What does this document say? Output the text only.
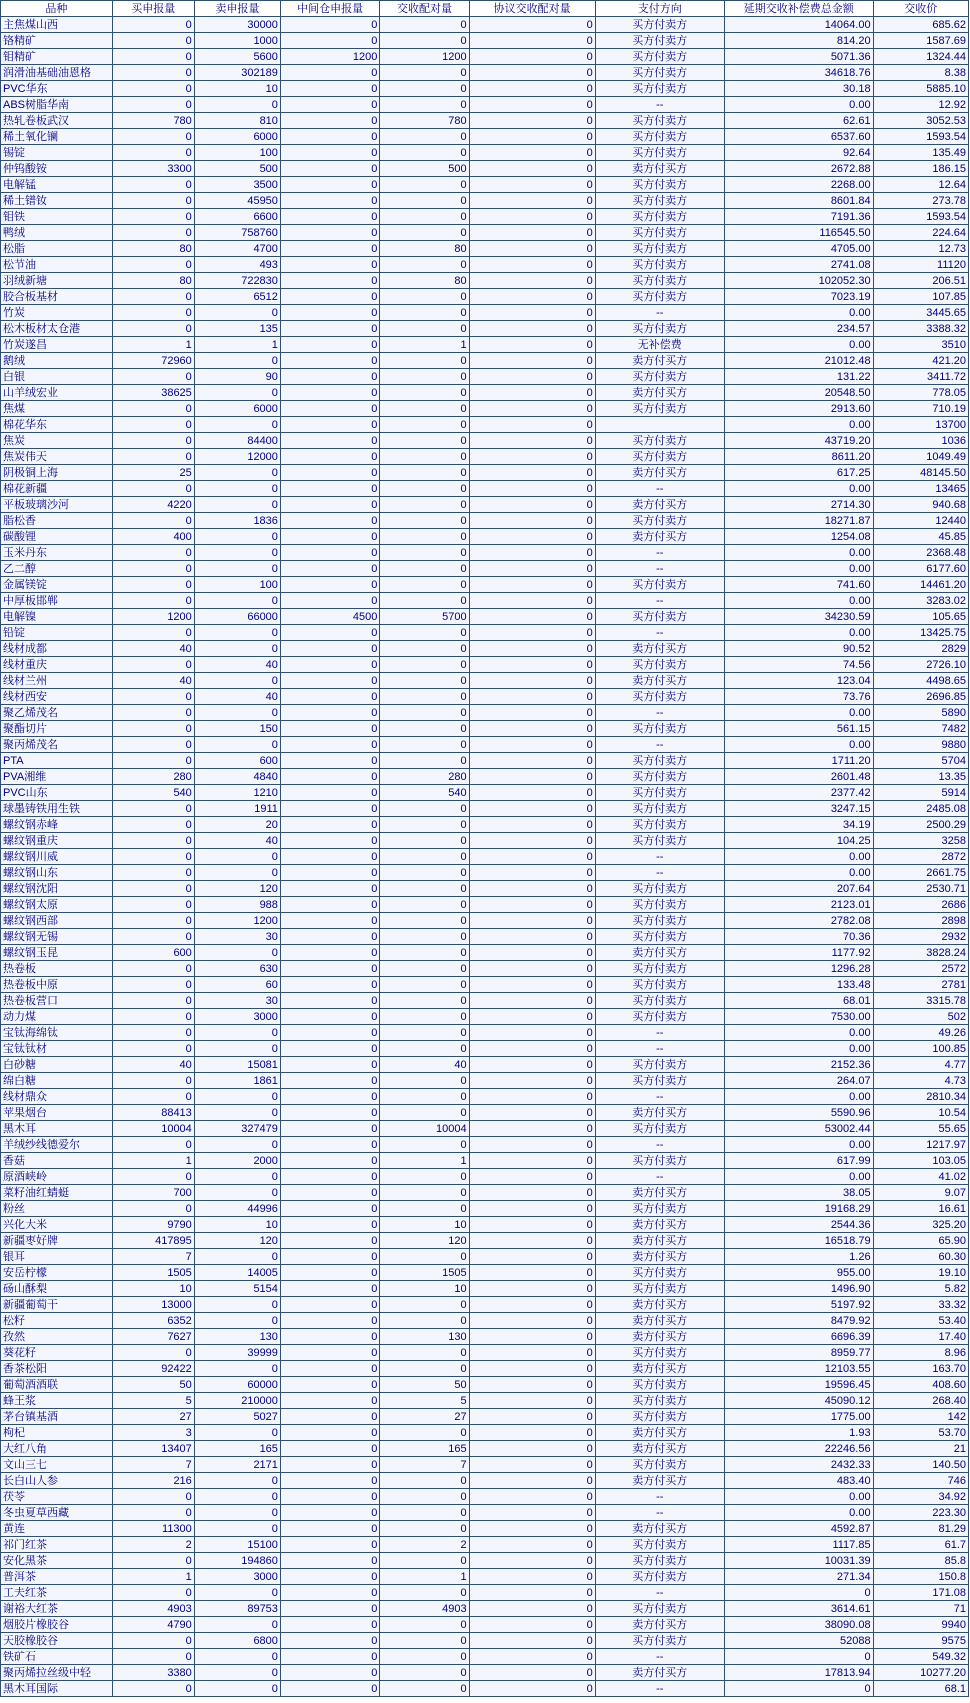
品种	买申报量	卖申报量	中间仓申报量	交收配对量	协议交收配对量	支付方向	延期交收补偿费总金额	交收价
主焦煤山西	0	30000	0	0	0	买方付卖方	14064.00	685.62
铬精矿	0	1000	0	0	0	买方付卖方	814.20	1587.69
钼精矿	0	5600	1200	1200	0	买方付卖方	5071.36	1324.44
润滑油基础油恩格	0	302189	0	0	0	买方付卖方	34618.76	8.38
PVC华东	0	10	0	0	0	买方付卖方	30.18	5885.10
ABS树脂华南	0	0	0	0	0	--	0.00	12.92
热轧卷板武汉	780	810	0	780	0	买方付卖方	62.61	3052.53
稀土氧化镧	0	6000	0	0	0	买方付卖方	6537.60	1593.54
锡锭	0	100	0	0	0	买方付卖方	92.64	135.49
仲钨酸铵	3300	500	0	500	0	卖方付买方	2672.88	186.15
电解锰	0	3500	0	0	0	买方付卖方	2268.00	12.64
稀土镨钕	0	45950	0	0	0	买方付卖方	8601.84	273.78
钼铁	0	6600	0	0	0	买方付卖方	7191.36	1593.54
鸭绒	0	758760	0	0	0	买方付卖方	116545.50	224.64
松脂	80	4700	0	80	0	买方付卖方	4705.00	12.73
松节油	0	493	0	0	0	买方付卖方	2741.08	11120
羽绒新塘	80	722830	0	80	0	买方付卖方	102052.30	206.51
胶合板基材	0	6512	0	0	0	买方付卖方	7023.19	107.85
竹炭	0	0	0	0	0	--	0.00	3445.65
松木板材太仓港	0	135	0	0	0	买方付卖方	234.57	3388.32
竹炭遂昌	1	1	0	1	0	无补偿费	0.00	3510
鹅绒	72960	0	0	0	0	卖方付买方	21012.48	421.20
白银	0	90	0	0	0	买方付卖方	131.22	3411.72
山羊绒宏业	38625	0	0	0	0	卖方付买方	20548.50	778.05
焦煤	0	6000	0	0	0	买方付卖方	2913.60	710.19
棉花华东	0	0	0	0	0		0.00	13700
焦炭	0	84400	0	0	0	买方付卖方	43719.20	1036
焦炭伟天	0	12000	0	0	0	买方付卖方	8611.20	1049.49
阴极铜上海	25	0	0	0	0	卖方付买方	617.25	48145.50
棉花新疆	0	0	0	0	0	--	0.00	13465
平板玻璃沙河	4220	0	0	0	0	卖方付买方	2714.30	940.68
脂松香	0	1836	0	0	0	买方付卖方	18271.87	12440
碳酸锂	400	0	0	0	0	卖方付买方	1254.08	45.85
玉米丹东	0	0	0	0	0	--	0.00	2368.48
乙二醇	0	0	0	0	0	--	0.00	6177.60
金属镁锭	0	100	0	0	0	买方付卖方	741.60	14461.20
中厚板邯郸	0	0	0	0	0	--	0.00	3283.02
电解镍	1200	66000	4500	5700	0	买方付卖方	34230.59	105.65
铅锭	0	0	0	0	0	--	0.00	13425.75
线材成都	40	0	0	0	0	卖方付买方	90.52	2829
线材重庆	0	40	0	0	0	买方付卖方	74.56	2726.10
线材兰州	40	0	0	0	0	卖方付买方	123.04	4498.65
线材西安	0	40	0	0	0	买方付卖方	73.76	2696.85
聚乙烯茂名	0	0	0	0	0	--	0.00	5890
聚酯切片	0	150	0	0	0	买方付卖方	561.15	7482
聚丙烯茂名	0	0	0	0	0	--	0.00	9880
PTA	0	600	0	0	0	买方付卖方	1711.20	5704
PVA湘维	280	4840	0	280	0	买方付卖方	2601.48	13.35
PVC山东	540	1210	0	540	0	买方付卖方	2377.42	5914
球墨铸铁用生铁	0	1911	0	0	0	买方付卖方	3247.15	2485.08
螺纹钢赤峰	0	20	0	0	0	买方付卖方	34.19	2500.29
螺纹钢重庆	0	40	0	0	0	买方付卖方	104.25	3258
螺纹钢川威	0	0	0	0	0	--	0.00	2872
螺纹钢山东	0	0	0	0	0	--	0.00	2661.75
螺纹钢沈阳	0	120	0	0	0	买方付卖方	207.64	2530.71
螺纹钢太原	0	988	0	0	0	买方付卖方	2123.01	2686
螺纹钢西部	0	1200	0	0	0	买方付卖方	2782.08	2898
螺纹钢无锡	0	30	0	0	0	买方付卖方	70.36	2932
螺纹钢玉昆	600	0	0	0	0	卖方付买方	1177.92	3828.24
热卷板	0	630	0	0	0	买方付卖方	1296.28	2572
热卷板中原	0	60	0	0	0	买方付卖方	133.48	2781
热卷板营口	0	30	0	0	0	买方付卖方	68.01	3315.78
动力煤	0	3000	0	0	0	买方付卖方	7530.00	502
宝钛海绵钛	0	0	0	0	0	--	0.00	49.26
宝钛钛材	0	0	0	0	0	--	0.00	100.85
白砂糖	40	15081	0	40	0	买方付卖方	2152.36	4.77
绵白糖	0	1861	0	0	0	买方付卖方	264.07	4.73
线材鼎众	0	0	0	0	0	--	0.00	2810.34
苹果烟台	88413	0	0	0	0	卖方付买方	5590.96	10.54
黑木耳	10004	327479	0	10004	0	买方付卖方	53002.44	55.65
羊绒纱线德爱尔	0	0	0	0	0	--	0.00	1217.97
香菇	1	2000	0	1	0	买方付卖方	617.99	103.05
原酒峡岭	0	0	0	0	0	--	0.00	41.02
菜籽油红蜻蜓	700	0	0	0	0	卖方付买方	38.05	9.07
粉丝	0	44996	0	0	0	买方付卖方	19168.29	16.61
兴化大米	9790	10	0	10	0	卖方付买方	2544.36	325.20
新疆枣好牌	417895	120	0	120	0	卖方付买方	16518.79	65.90
银耳	7	0	0	0	0	卖方付买方	1.26	60.30
安岳柠檬	1505	14005	0	1505	0	买方付卖方	955.00	19.10
砀山酥梨	10	5154	0	10	0	买方付卖方	1496.90	5.82
新疆葡萄干	13000	0	0	0	0	卖方付买方	5197.92	33.32
松籽	6352	0	0	0	0	卖方付买方	8479.92	53.40
孜然	7627	130	0	130	0	卖方付买方	6696.39	17.40
葵花籽	0	39999	0	0	0	买方付卖方	8959.77	8.96
香茶松阳	92422	0	0	0	0	卖方付买方	12103.55	163.70
葡萄酒酒联	50	60000	0	50	0	买方付卖方	19596.45	408.60
蜂王浆	5	210000	0	5	0	买方付卖方	45090.12	268.40
茅台镇基酒	27	5027	0	27	0	买方付卖方	1775.00	142
枸杞	3	0	0	0	0	卖方付买方	1.93	53.70
大红八角	13407	165	0	165	0	卖方付买方	22246.56	21
文山三七	7	2171	0	7	0	买方付卖方	2432.33	140.50
长白山人参	216	0	0	0	0	卖方付买方	483.40	746
茯苓	0	0	0	0	0	--	0.00	34.92
冬虫夏草西藏	0	0	0	0	0	--	0.00	223.30
黄连	11300	0	0	0	0	卖方付买方	4592.87	81.29
祁门红茶	2	15100	0	2	0	买方付卖方	1117.85	61.7
安化黑茶	0	194860	0	0	0	买方付卖方	10031.39	85.8
普洱茶	1	3000	0	1	0	买方付卖方	271.34	150.8
工夫红茶	0	0	0	0	0	--	0	171.08
谢裕大红茶	4903	89753	0	4903	0	买方付卖方	3614.61	71
烟胶片橡胶谷	4790	0	0	0	0	卖方付买方	38090.08	9940
天胶橡胶谷	0	6800	0	0	0	买方付卖方	52088	9575
铁矿石	0	0	0	0	0	--	0	549.32
聚丙烯拉丝级中轻	3380	0	0	0	0	卖方付买方	17813.94	10277.20
黑木耳国际	0	0	0	0	0	--	0	68.1
